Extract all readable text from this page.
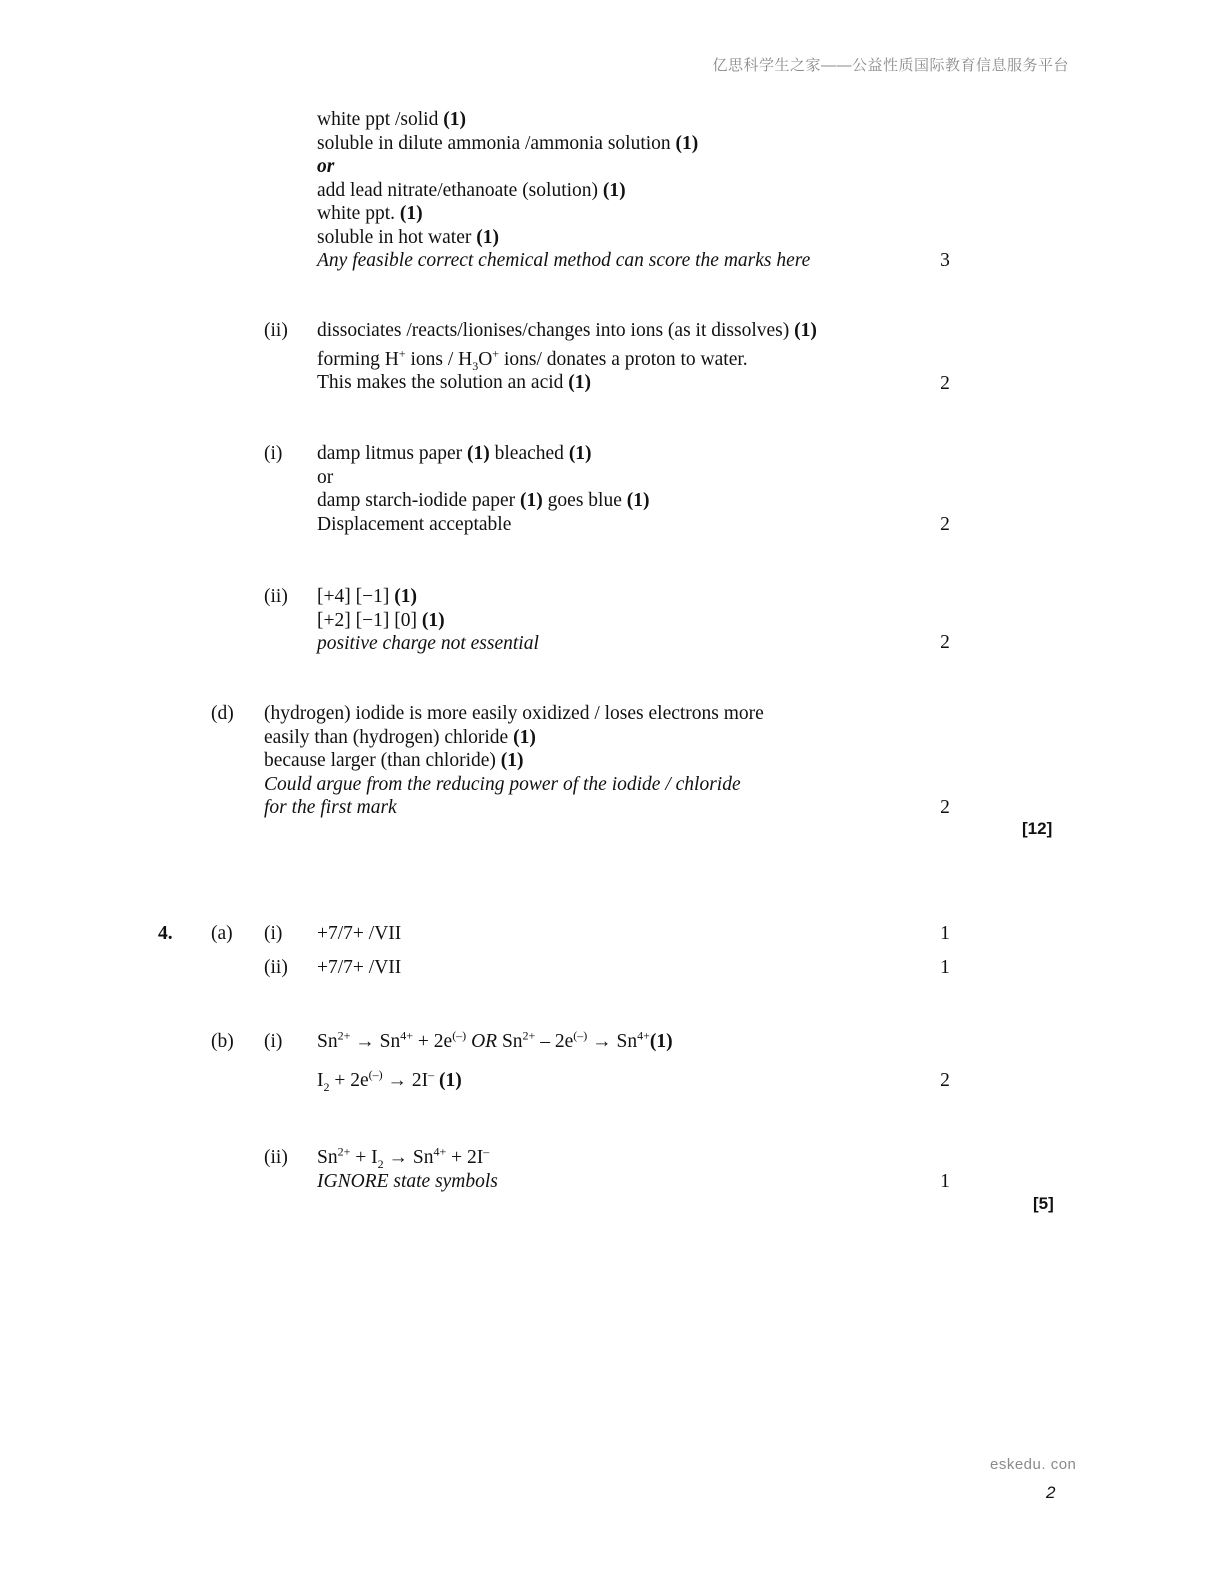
亿思科学生之家——公益性质国际教育信息服务平台
eskedu. con
2
white ppt /solid (1)
soluble in dilute ammonia /ammonia solution (1)
or
add lead nitrate/ethanoate (solution) (1)
white ppt. (1)
soluble in hot water (1)
Any feasible correct chemical method can score the marks here	3
(ii) dissociates /reacts/lionises/changes into ions (as it dissolves) (1)
forming H+ ions / $H_3O^+$ ions/ donates a proton to water.
This makes the solution an acid (1)	2
(i) damp litmus paper (1) bleached (1)
or
damp starch-iodide paper (1) goes blue (1)
Displacement acceptable	2
(ii) [+4] [−1] (1)
[+2] [−1] [0] (1)
positive charge not essential	2
(d) (hydrogen) iodide is more easily oxidized / loses electrons more
easily than (hydrogen) chloride (1)
because larger (than chloride) (1)
Could argue from the reducing power of the iodide / chloride
for the first mark	2
[12]
4. (a) (i) +7/7+ /VII	1
(ii) +7/7+ /VII	1
(b) (i) $Sn^{2+} \to Sn^{4+} + 2e^{(-)}$ OR $Sn^{2+} - 2e^{(-)} \to Sn^{4+}(1)$
$I_2 + 2e^{(-)} \to 2I^-$ (1)	2
(ii) $Sn^{2+} + I_2 \to Sn^{4+} + 2I^-$
IGNORE state symbols	1
[5]
